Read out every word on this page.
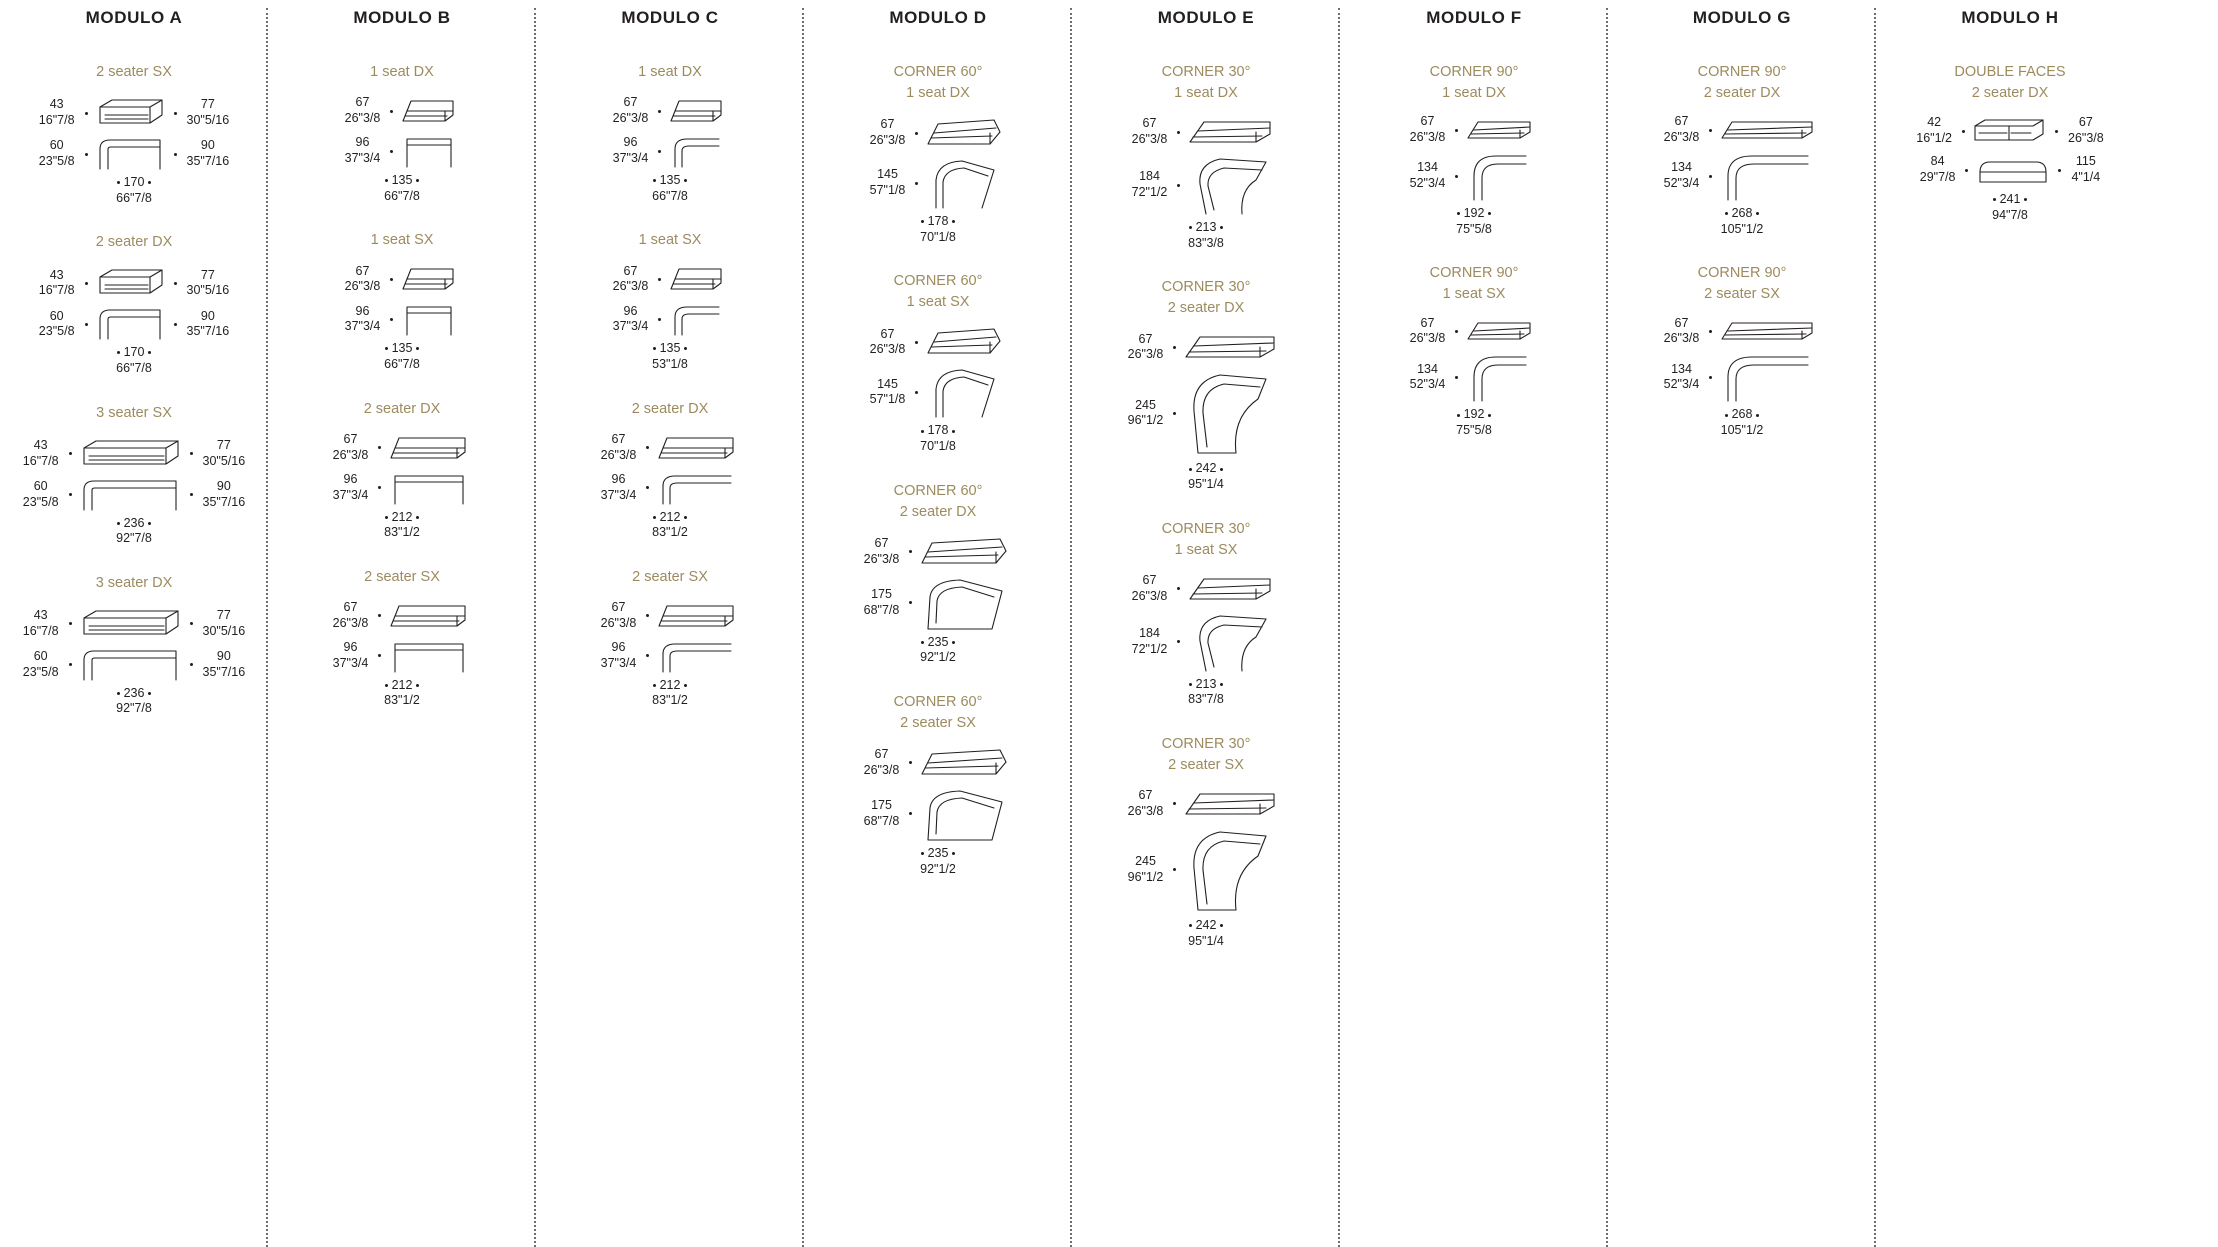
MODULO A
2 seater SX
43
16"7/8
77
30"5/16
60
23"5/8
90
35"7/16
170
66"7/8
2 seater DX
43
16"7/8
77
30"5/16
60
23"5/8
90
35"7/16
170
66"7/8
3 seater SX
43
16"7/8
77
30"5/16
60
23"5/8
90
35"7/16
236
92"7/8
3 seater DX
43
16"7/8
77
30"5/16
60
23"5/8
90
35"7/16
236
92"7/8
MODULO B
1 seat DX
67
26"3/8
96
37"3/4
135
66"7/8
1 seat SX
67
26"3/8
96
37"3/4
135
66"7/8
2 seater DX
67
26"3/8
96
37"3/4
212
83"1/2
2 seater SX
67
26"3/8
96
37"3/4
212
83"1/2
MODULO C
1 seat DX
67
26"3/8
96
37"3/4
135
66"7/8
1 seat SX
67
26"3/8
96
37"3/4
135
53"1/8
2 seater DX
67
26"3/8
96
37"3/4
212
83"1/2
2 seater SX
67
26"3/8
96
37"3/4
212
83"1/2
MODULO D
CORNER 60°
1 seat DX
67
26"3/8
145
57"1/8
178
70"1/8
CORNER 60°
1 seat SX
67
26"3/8
145
57"1/8
178
70"1/8
CORNER 60°
2 seater DX
67
26"3/8
175
68"7/8
235
92"1/2
CORNER 60°
2 seater SX
67
26"3/8
175
68"7/8
235
92"1/2
MODULO E
CORNER 30°
1 seat DX
67
26"3/8
184
72"1/2
213
83"3/8
CORNER 30°
2 seater DX
67
26"3/8
245
96"1/2
242
95"1/4
CORNER 30°
1 seat SX
67
26"3/8
184
72"1/2
213
83"7/8
CORNER 30°
2 seater SX
67
26"3/8
245
96"1/2
242
95"1/4
MODULO F
CORNER 90°
1 seat DX
67
26"3/8
134
52"3/4
192
75"5/8
CORNER 90°
1 seat SX
67
26"3/8
134
52"3/4
192
75"5/8
MODULO G
CORNER 90°
2 seater DX
67
26"3/8
134
52"3/4
268
105"1/2
CORNER 90°
2 seater SX
67
26"3/8
134
52"3/4
268
105"1/2
MODULO H
DOUBLE FACES
2 seater DX
42
16"1/2
67
26"3/8
84
29"7/8
115
4"1/4
241
94"7/8
